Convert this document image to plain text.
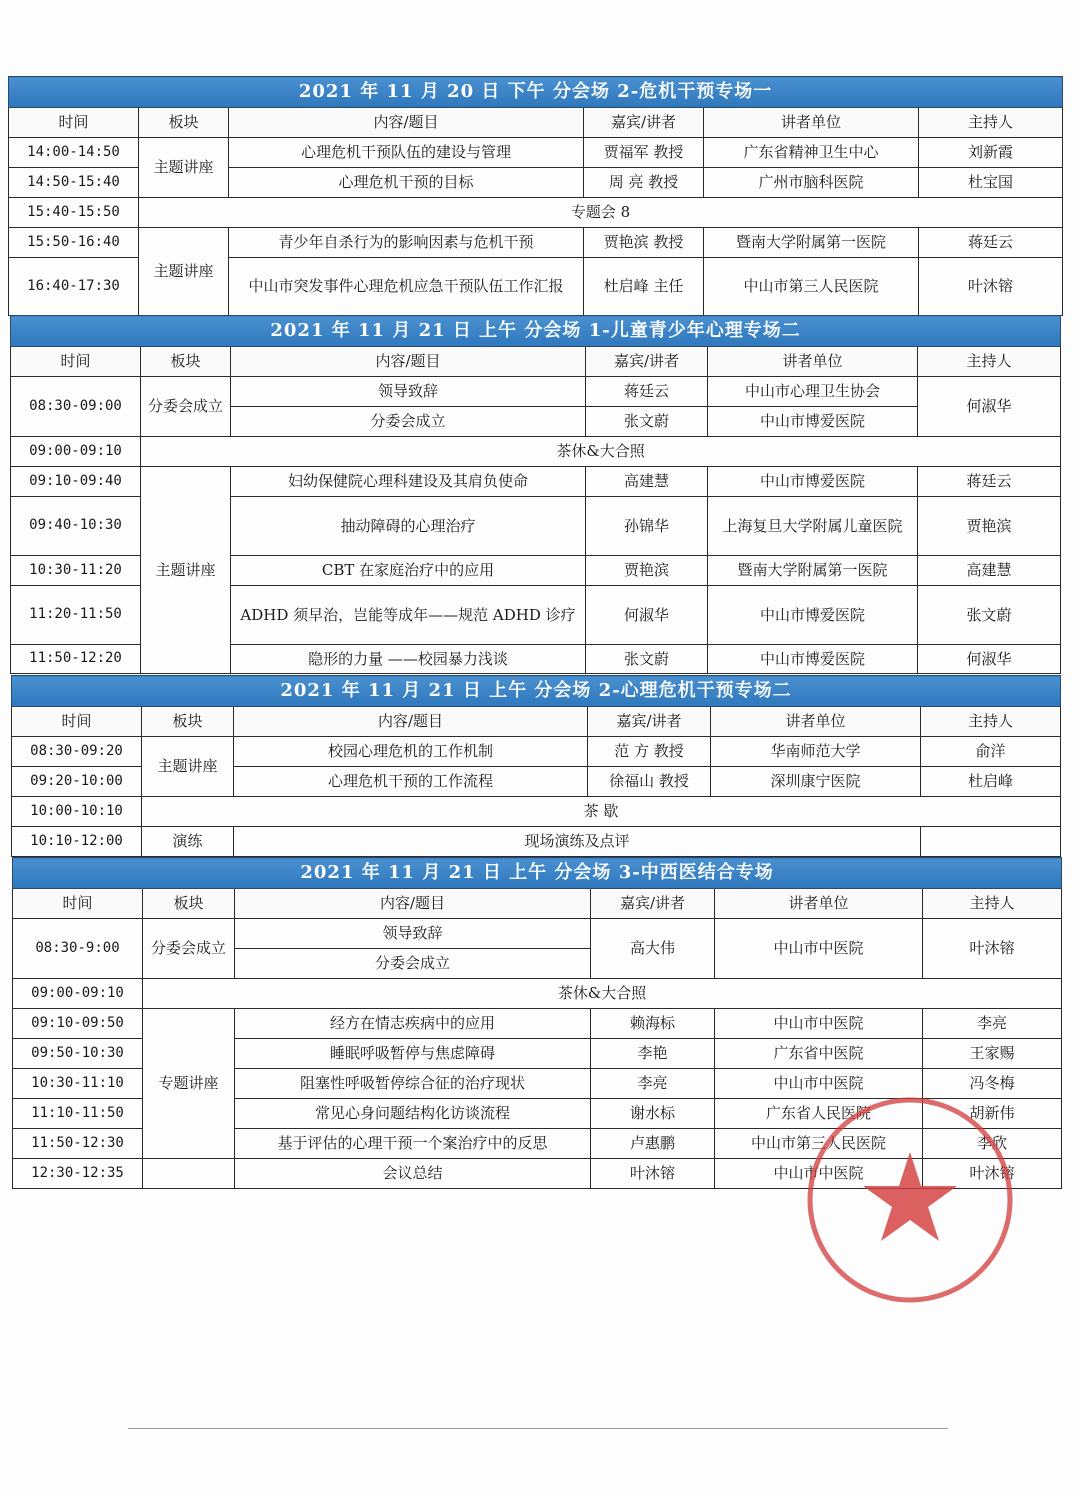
2021 年 11 月 20 日 下午 分会场 2-危机干预专场一					
时间	板块	内容/题目	嘉宾/讲者	讲者单位	主持人
14:00-14:50	主题讲座	心理危机干预队伍的建设与管理	贾福军 教授	广东省精神卫生中心	刘新霞
14:50-15:40		心理危机干预的目标	周 亮 教授	广州市脑科医院	杜宝国
15:40-15:50	专题会 8				
15:50-16:40	主题讲座	青少年自杀行为的影响因素与危机干预	贾艳滨 教授	暨南大学附属第一医院	蒋廷云
16:40-17:30		中山市突发事件心理危机应急干预队伍工作汇报	杜启峰 主任	中山市第三人民医院	叶沐镕
2021 年 11 月 21 日 上午 分会场 1-儿童青少年心理专场二					
时间	板块	内容/题目	嘉宾/讲者	讲者单位	主持人
08:30-09:00	分委会成立	领导致辞	蒋廷云	中山市心理卫生协会	何淑华
		分委会成立	张文蔚	中山市博爱医院	
09:00-09:10	茶休&大合照				
09:10-09:40	主题讲座	妇幼保健院心理科建设及其肩负使命	高建慧	中山市博爱医院	蒋廷云
09:40-10:30		抽动障碍的心理治疗	孙锦华	上海复旦大学附属儿童医院	贾艳滨
10:30-11:20		CBT 在家庭治疗中的应用	贾艳滨	暨南大学附属第一医院	高建慧
11:20-11:50		ADHD 须早治，岂能等成年——规范 ADHD 诊疗	何淑华	中山市博爱医院	张文蔚
11:50-12:20		隐形的力量 ——校园暴力浅谈	张文蔚	中山市博爱医院	何淑华
2021 年 11 月 21 日 上午 分会场 2-心理危机干预专场二					
时间	板块	内容/题目	嘉宾/讲者	讲者单位	主持人
08:30-09:20	主题讲座	校园心理危机的工作机制	范 方 教授	华南师范大学	俞洋
09:20-10:00		心理危机干预的工作流程	徐福山 教授	深圳康宁医院	杜启峰
10:00-10:10	茶 歇				
10:10-12:00	演练	现场演练及点评			
2021 年 11 月 21 日 上午 分会场 3-中西医结合专场					
时间	板块	内容/题目	嘉宾/讲者	讲者单位	主持人
08:30-9:00	分委会成立	领导致辞	高大伟	中山市中医院	叶沐镕
		分委会成立			
09:00-09:10	茶休&大合照				
09:10-09:50	专题讲座	经方在情志疾病中的应用	赖海标	中山市中医院	李亮
09:50-10:30		睡眠呼吸暂停与焦虑障碍	李艳	广东省中医院	王家赐
10:30-11:10		阻塞性呼吸暂停综合征的治疗现状	李亮	中山市中医院	冯冬梅
11:10-11:50		常见心身问题结构化访谈流程	谢水标	广东省人民医院	胡新伟
11:50-12:30		基于评估的心理干预一个案治疗中的反思	卢惠鹏	中山市第三人民医院	李欣
12:30-12:35		会议总结	叶沐镕	中山市中医院	叶沐镕
